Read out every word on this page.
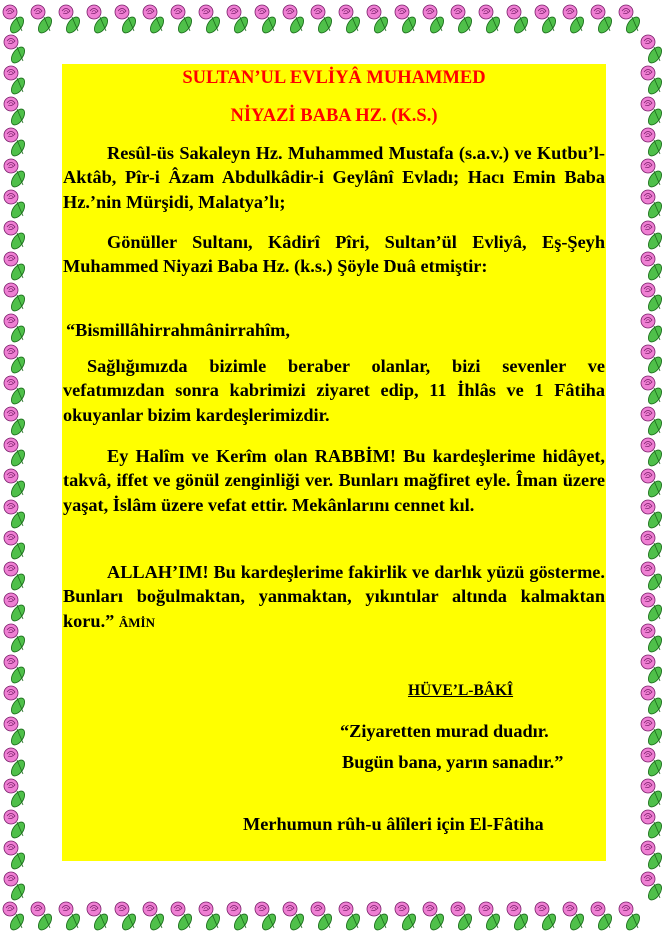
SULTAN’UL EVLİYÂ MUHAMMED

NİYAZİ BABA HZ. (K.S.)

Resûl-üs Sakaleyn Hz. Muhammed Mustafa (s.a.v.) ve Kutbu’l-Aktâb, Pîr-i Âzam Abdulkâdir-i Geylânî Evladı; Hacı Emin Baba Hz.’nin Mürşidi, Malatya’lı;

Gönüller Sultanı, Kâdirî Pîri, Sultan’ül Evliyâ, Eş-Şeyh Muhammed Niyazi Baba Hz. (k.s.) Şöyle Duâ etmiştir:

“Bismillâhirrahmânirrahîm,

Sağlığımızda bizimle beraber olanlar, bizi sevenler ve vefatımızdan sonra kabrimizi ziyaret edip, 11 İhlâs ve 1 Fâtiha okuyanlar bizim kardeşlerimizdir.

Ey Halîm ve Kerîm olan RABBİM! Bu kardeşlerime hidâyet, takvâ, iffet ve gönül zenginliği ver. Bunları mağfiret eyle. Îman üzere yaşat, İslâm üzere vefat ettir. Mekânlarını cennet kıl.

ALLAH’IM! Bu kardeşlerime fakirlik ve darlık yüzü gösterme. Bunları boğulmaktan, yanmaktan, yıkıntılar altında kalmaktan koru.” ÂMİN

HÜVE’L-BÂKÎ

“Ziyaretten murad duadır.

Bugün bana, yarın sanadır.”

Merhumun rûh-u âlîleri için El-Fâtiha
